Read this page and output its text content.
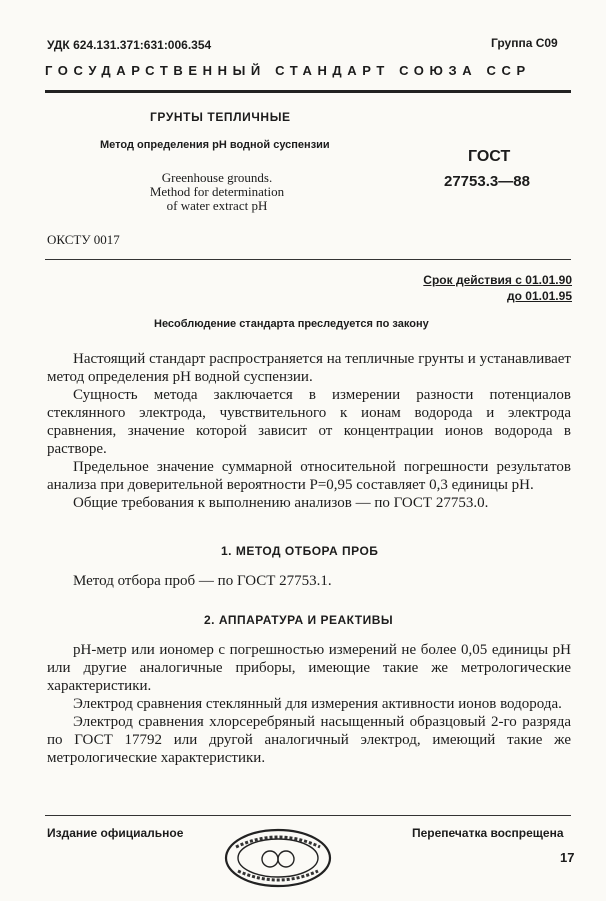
УДК 624.131.371:631:006.354	Группа С09
ГОСУДАРСТВЕННЫЙ СТАНДАРТ СОЮЗА ССР
ГРУНТЫ ТЕПЛИЧНЫЕ
Метод определения pH водной суспензии
Greenhouse grounds.
Method for determination
of water extract pH
ГОСТ
27753.3—88
ОКСТУ 0017
Срок действия с 01.01.90
до 01.01.95
Несоблюдение стандарта преследуется по закону

Настоящий стандарт распространяется на тепличные грунты и устанавливает метод определения pH водной суспензии.

Сущность метода заключается в измерении разности потенциалов стеклянного электрода, чувствительного к ионам водорода и электрода сравнения, значение которой зависит от концентрации ионов водорода в растворе.

Предельное значение суммарной относительной погрешности результатов анализа при доверительной вероятности P=0,95 составляет 0,3 единицы pH.

Общие требования к выполнению анализов — по ГОСТ 27753.0.

1. МЕТОД ОТБОРА ПРОБ
Метод отбора проб — по ГОСТ 27753.1.
2. АППАРАТУРА И РЕАКТИВЫ

pH-метр или иономер с погрешностью измерений не более 0,05 единицы pH или другие аналогичные приборы, имеющие такие же метрологические характеристики.

Электрод сравнения стеклянный для измерения активности ионов водорода.

Электрод сравнения хлорсеребряный насыщенный образцовый 2-го разряда по ГОСТ 17792 или другой аналогичный электрод, имеющий такие же метрологические характеристики.

Издание официальное	Перепечатка воспрещена
17
